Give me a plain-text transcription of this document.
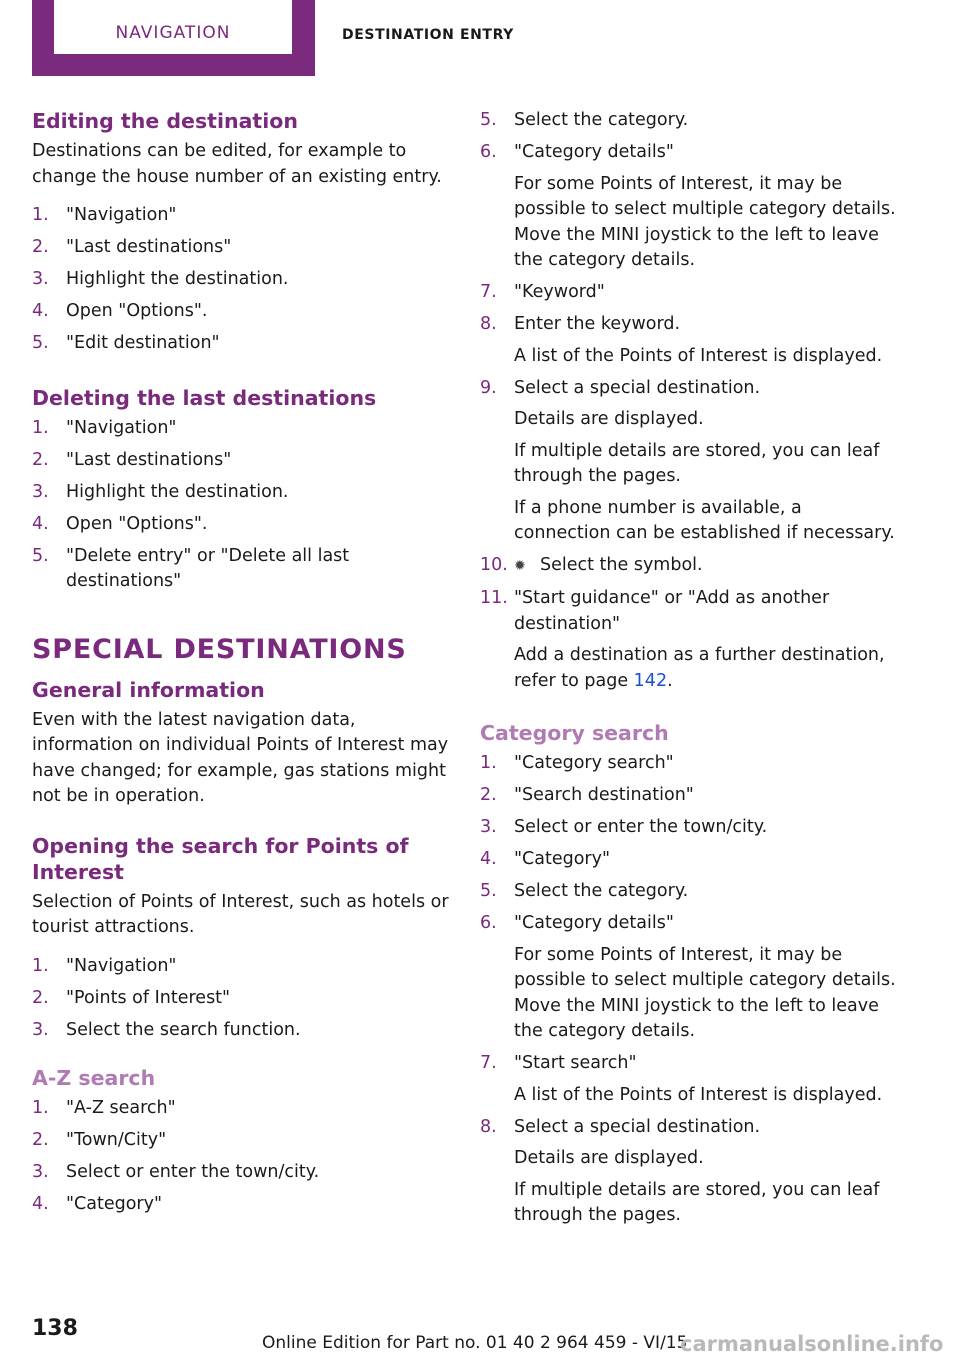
NAVIGATION	DESTINATION ENTRY
Editing the destination

Destinations can be edited, for example to change the house number of an existing entry.

1. "Navigation"
2. "Last destinations"
3. Highlight the destination.
4. Open "Options".
5. "Edit destination"
Deleting the last destinations
1. "Navigation"
2. "Last destinations"
3. Highlight the destination.
4. Open "Options".
5. "Delete entry" or "Delete all last destinations"
SPECIAL DESTINATIONS
General information

Even with the latest navigation data, information on individual Points of Interest may have changed; for example, gas stations might not be in operation.

Opening the search for Points of Interest

Selection of Points of Interest, such as hotels or tourist attractions.

1. "Navigation"
2. "Points of Interest"
3. Select the search function.
A-Z search
1. "A-Z search"
2. "Town/City"
3. Select or enter the town/city.
4. "Category"
5. Select the category.
6. "Category details"
For some Points of Interest, it may be possible to select multiple category details. Move the MINI joystick to the left to leave the category details.
7. "Keyword"
8. Enter the keyword.
A list of the Points of Interest is displayed.
9. Select a special destination.
Details are displayed.
If multiple details are stored, you can leaf through the pages.
If a phone number is available, a connection can be established if necessary.
10. ✹ Select the symbol.
11. "Start guidance" or "Add as another destination"
Add a destination as a further destination, refer to page 142.
Category search
1. "Category search"
2. "Search destination"
3. Select or enter the town/city.
4. "Category"
5. Select the category.
6. "Category details"
For some Points of Interest, it may be possible to select multiple category details. Move the MINI joystick to the left to leave the category details.
7. "Start search"
A list of the Points of Interest is displayed.
8. Select a special destination.
Details are displayed.
If multiple details are stored, you can leaf through the pages.
138
Online Edition for Part no. 01 40 2 964 459 - VI/15
carmanualsonline.info
